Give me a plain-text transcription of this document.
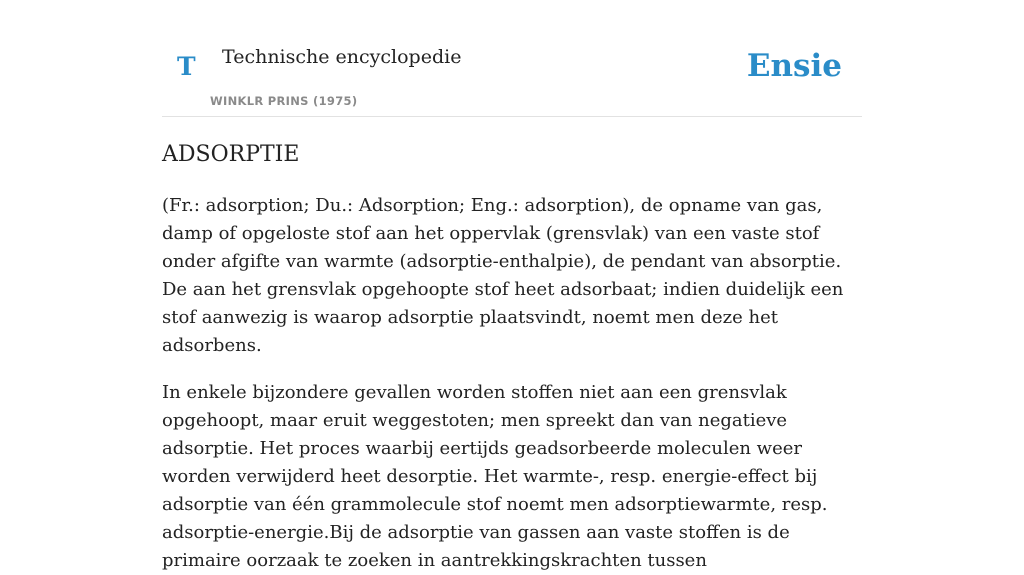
T Technische encyclopedie
WINKLR PRINS (1975)
Ensie
ADSORPTIE

(Fr.: adsorption; Du.: Adsorption; Eng.: adsorption), de opname van gas, damp of opgeloste stof aan het oppervlak (grensvlak) van een vaste stof onder afgifte van warmte (adsorptie-enthalpie), de pendant van absorptie. De aan het grensvlak opgehoopte stof heet adsorbaat; indien duidelijk een stof aanwezig is waarop adsorptie plaatsvindt, noemt men deze het adsorbens.

In enkele bijzondere gevallen worden stoffen niet aan een grensvlak opgehoopt, maar eruit weggestoten; men spreekt dan van negatieve adsorptie. Het proces waarbij eertijds geadsorbeerde moleculen weer worden verwijderd heet desorptie. Het warmte-, resp. energie-effect bij adsorptie van één grammolecule stof noemt men adsorptiewarmte, resp. adsorptie-energie.Bij de adsorptie van gassen aan vaste stoffen is de primaire oorzaak te zoeken in aantrekkingskrachten tussen
